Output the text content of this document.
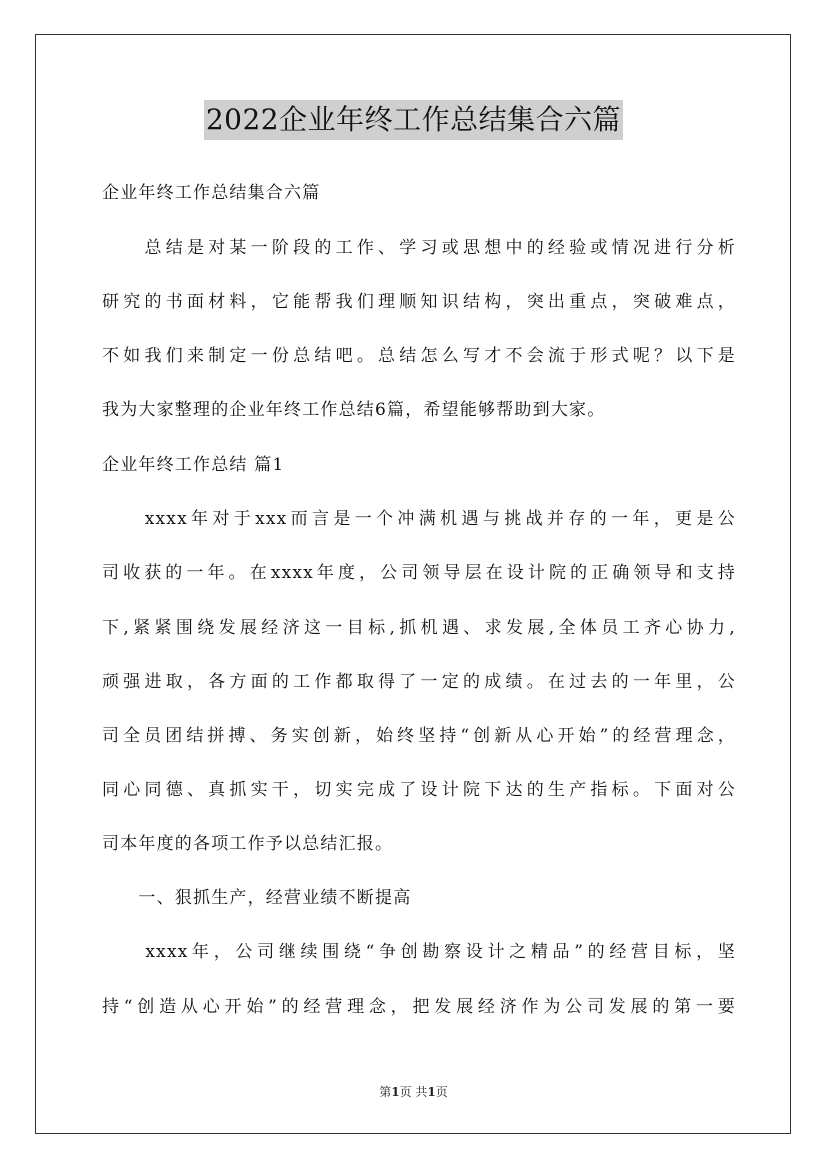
2022企业年终工作总结集合六篇
企业年终工作总结集合六篇
　　总结是对某一阶段的工作、学习或思想中的经验或情况进行分析
研究的书面材料，它能帮我们理顺知识结构，突出重点，突破难点，
不如我们来制定一份总结吧。总结怎么写才不会流于形式呢？以下是
我为大家整理的企业年终工作总结6篇，希望能够帮助到大家。
企业年终工作总结 篇1
　　xxxx年对于xxx而言是一个冲满机遇与挑战并存的一年，更是公
司收获的一年。在xxxx年度，公司领导层在设计院的正确领导和支持
下,紧紧围绕发展经济这一目标,抓机遇、求发展,全体员工齐心协力,
顽强进取，各方面的工作都取得了一定的成绩。在过去的一年里，公
司全员团结拼搏、务实创新，始终坚持“创新从心开始”的经营理念，
同心同德、真抓实干，切实完成了设计院下达的生产指标。下面对公
司本年度的各项工作予以总结汇报。
　　一、狠抓生产，经营业绩不断提高
　　xxxx年，公司继续围绕“争创勘察设计之精品”的经营目标，坚
持“创造从心开始”的经营理念，把发展经济作为公司发展的第一要
第1页 共1页
